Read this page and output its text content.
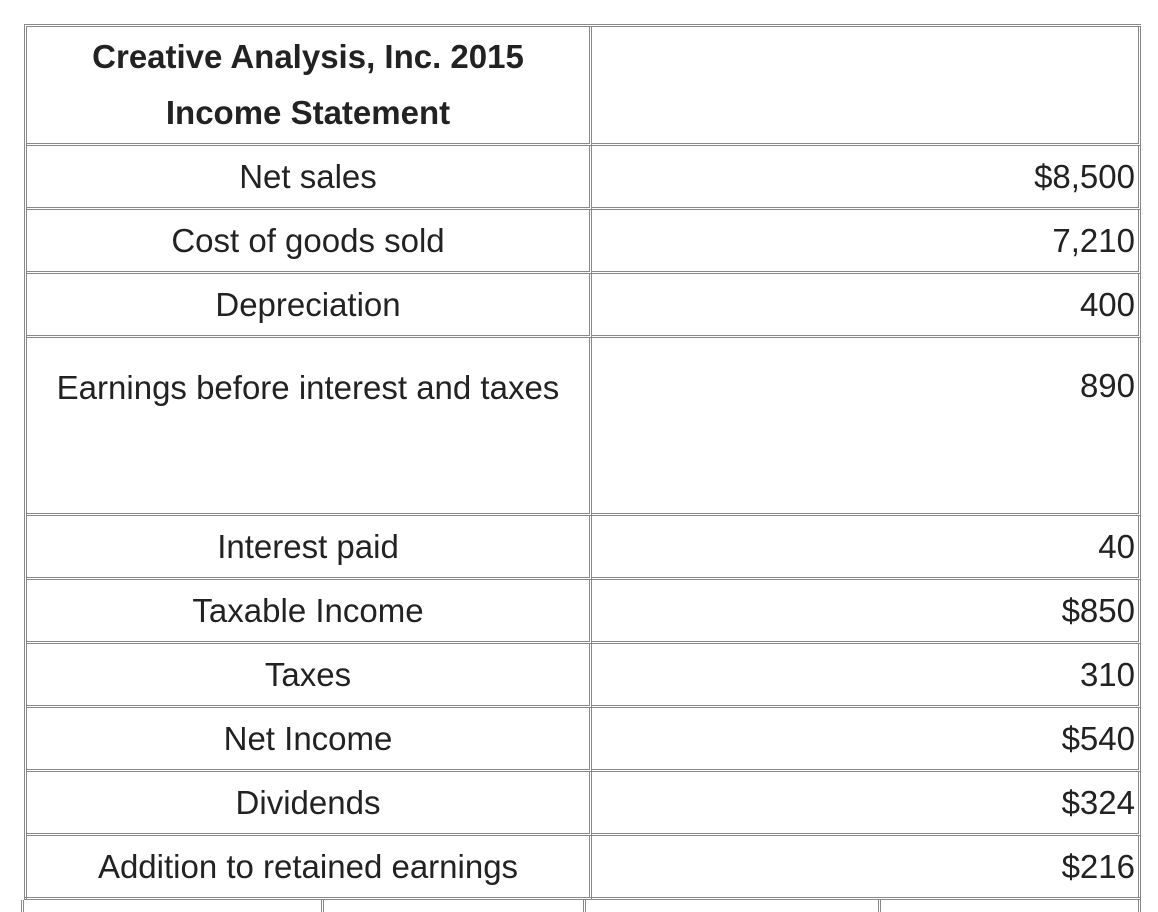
Creative Analysis, Inc. 2015
Income Statement	

Net sales	$8,500
Cost of goods sold	7,210
Depreciation	400
Earnings before interest and taxes	890
Interest paid	40
Taxable Income	$850
Taxes	310
Net Income	$540
Dividends	$324
Addition to retained earnings	$216
